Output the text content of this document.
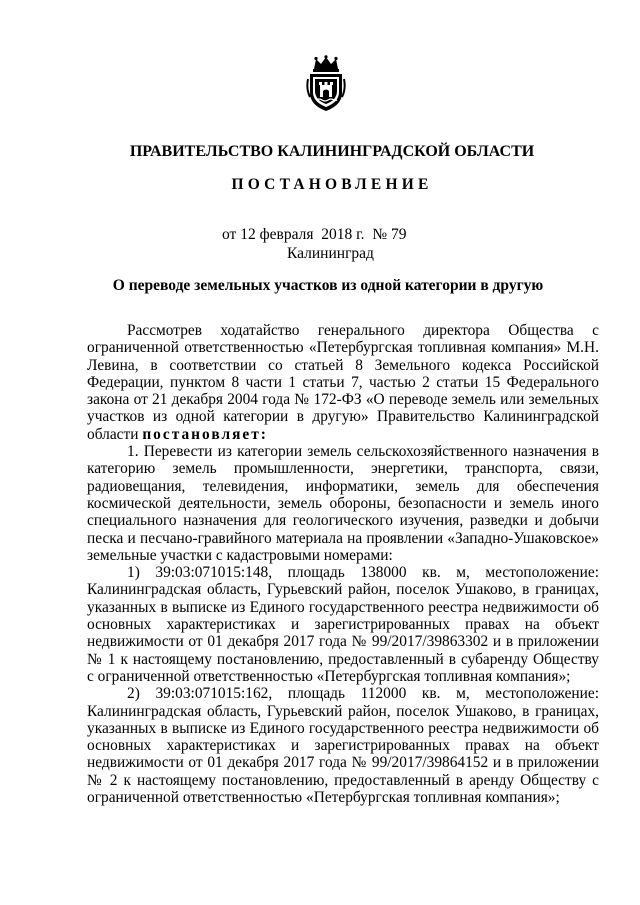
ПРАВИТЕЛЬСТВО КАЛИНИНГРАДСКОЙ ОБЛАСТИ
ПОСТАНОВЛЕНИЕ
от 12 февраля  2018 г. № 79
Калининград
О переводе земельных участков из одной категории в другую

Рассмотрев ходатайство генерального директора Общества с ограниченной ответственностью «Петербургская топливная компания» М.Н. Левина, в соответствии со статьей 8 Земельного кодекса Российской Федерации, пунктом 8 части 1 статьи 7, частью 2 статьи 15 Федерального закона от 21 декабря 2004 года № 172-ФЗ «О переводе земель или земельных участков из одной категории в другую» Правительство Калининградской области постановляет:

1. Перевести из категории земель сельскохозяйственного назначения в категорию земель промышленности, энергетики, транспорта, связи, радиовещания, телевидения, информатики, земель для обеспечения космической деятельности, земель обороны, безопасности и земель иного специального назначения для геологического изучения, разведки и добычи песка и песчано-гравийного материала на проявлении «Западно-Ушаковское» земельные участки с кадастровыми номерами:

1) 39:03:071015:148, площадь 138000 кв. м, местоположение: Калининградская область, Гурьевский район, поселок Ушаково, в границах, указанных в выписке из Единого государственного реестра недвижимости об основных характеристиках и зарегистрированных правах на объект недвижимости от 01 декабря 2017 года № 99/2017/39863302 и в приложении № 1 к настоящему постановлению, предоставленный в субаренду Обществу с ограниченной ответственностью «Петербургская топливная компания»;

2) 39:03:071015:162, площадь 112000 кв. м, местоположение: Калининградская область, Гурьевский район, поселок Ушаково, в границах, указанных в выписке из Единого государственного реестра недвижимости об основных характеристиках и зарегистрированных правах на объект недвижимости от 01 декабря 2017 года № 99/2017/39864152 и в приложении № 2 к настоящему постановлению, предоставленный в аренду Обществу с ограниченной ответственностью «Петербургская топливная компания»;
